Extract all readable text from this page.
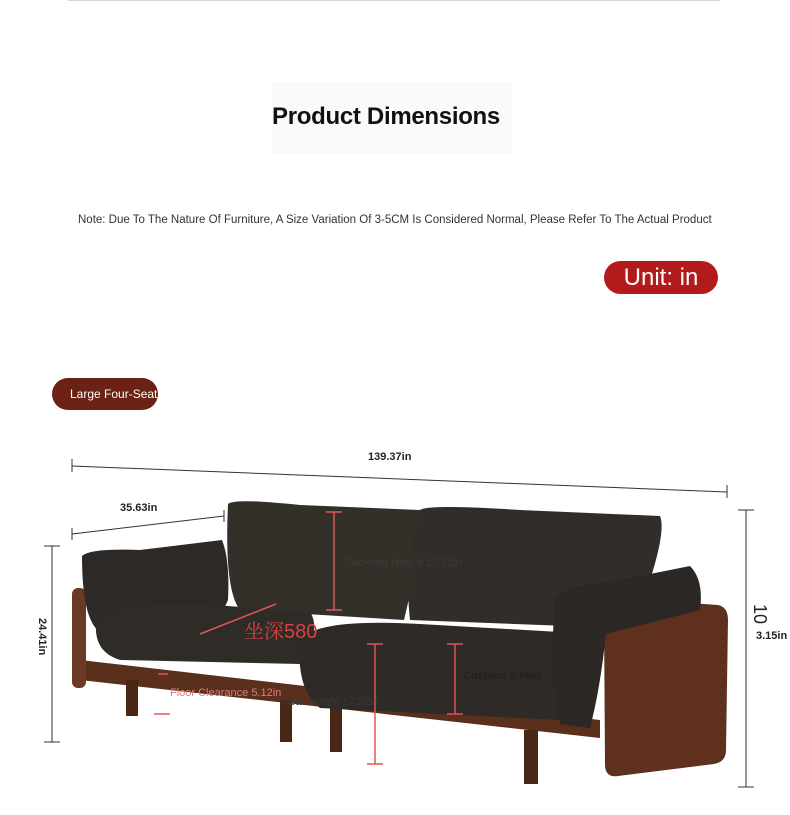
Product Dimensions
Note: Due To The Nature Of Furniture, A Size Variation Of 3-5CM Is Considered Normal, Please Refer To The Actual Product
Unit: in
Large Four-Seat
139.37in
35.63in
24.41in
10
3.15in
Backrest Height 17.72in
坐深580
Cushion 8.66in
Floor Clearance 5.12in
Seat Height 17.32in
